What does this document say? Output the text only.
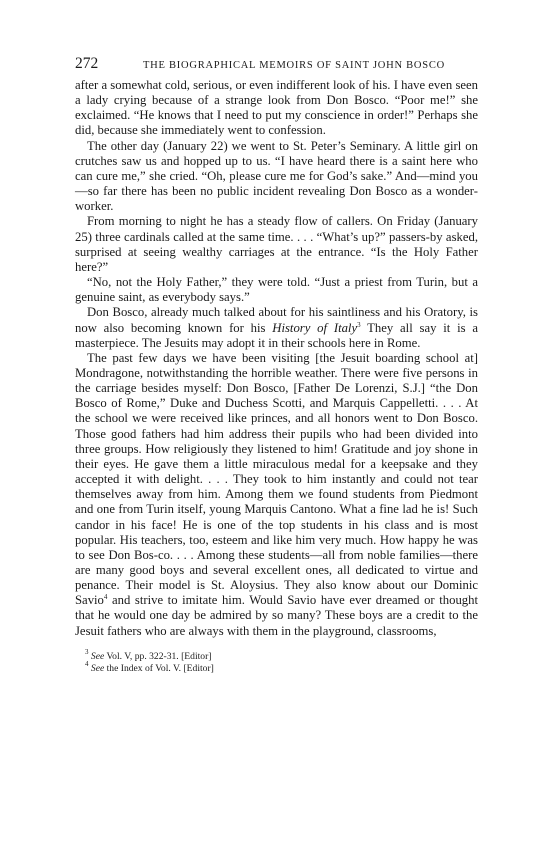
272	THE BIOGRAPHICAL MEMOIRS OF SAINT JOHN BOSCO

after a somewhat cold, serious, or even indifferent look of his. I have even seen a lady crying because of a strange look from Don Bosco. “Poor me!” she exclaimed. “He knows that I need to put my conscience in order!” Perhaps she did, because she immediately went to confession.

The other day (January 22) we went to St. Peter’s Seminary. A little girl on crutches saw us and hopped up to us. “I have heard there is a saint here who can cure me,” she cried. “Oh, please cure me for God’s sake.” And—mind you—so far there has been no public incident revealing Don Bosco as a wonder-worker.

From morning to night he has a steady flow of callers. On Friday (January 25) three cardinals called at the same time. . . . “What’s up?” passers-by asked, surprised at seeing wealthy carriages at the entrance. “Is the Holy Father here?”

“No, not the Holy Father,” they were told. “Just a priest from Turin, but a genuine saint, as everybody says.”

Don Bosco, already much talked about for his saintliness and his Oratory, is now also becoming known for his History of Italy$^3$ They all say it is a masterpiece. The Jesuits may adopt it in their schools here in Rome.

The past few days we have been visiting [the Jesuit boarding school at] Mondragone, notwithstanding the horrible weather. There were five persons in the carriage besides myself: Don Bosco, [Father De Lorenzi, S.J.] “the Don Bosco of Rome,” Duke and Duchess Scotti, and Marquis Cappelletti. . . . At the school we were received like princes, and all honors went to Don Bosco. Those good fathers had him address their pupils who had been divided into three groups. How religiously they listened to him! Gratitude and joy shone in their eyes. He gave them a little miraculous medal for a keepsake and they accepted it with delight. . . . They took to him instantly and could not tear themselves away from him. Among them we found students from Piedmont and one from Turin itself, young Marquis Cantono. What a fine lad he is! Such candor in his face! He is one of the top students in his class and is most popular. His teachers, too, esteem and like him very much. How happy he was to see Don Bos-co. . . . Among these students—all from noble families—there are many good boys and several excellent ones, all dedicated to virtue and penance. Their model is St. Aloysius. They also know about our Dominic Savio$^4$ and strive to imitate him. Would Savio have ever dreamed or thought that he would one day be admired by so many? These boys are a credit to the Jesuit fathers who are always with them in the playground, classrooms,

$^3$ See Vol. V, pp. 322-31. [Editor]

$^4$ See the Index of Vol. V. [Editor]
